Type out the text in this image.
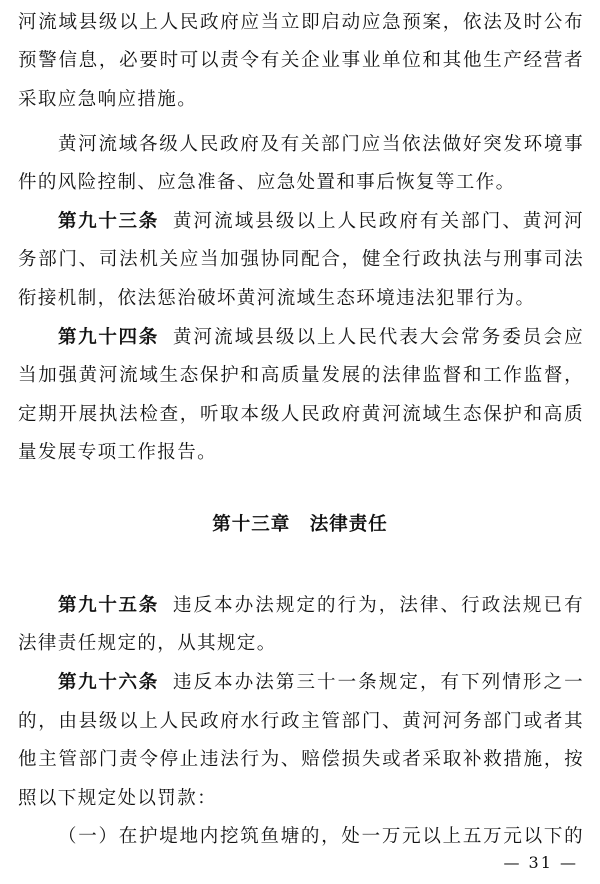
河流域县级以上人民政府应当立即启动应急预案，依法及时公布
预警信息，必要时可以责令有关企业事业单位和其他生产经营者
采取应急响应措施。
黄河流域各级人民政府及有关部门应当依法做好突发环境事
件的风险控制、应急准备、应急处置和事后恢复等工作。
第九十三条 黄河流域县级以上人民政府有关部门、黄河河
务部门、司法机关应当加强协同配合，健全行政执法与刑事司法
衔接机制，依法惩治破坏黄河流域生态环境违法犯罪行为。
第九十四条 黄河流域县级以上人民代表大会常务委员会应
当加强黄河流域生态保护和高质量发展的法律监督和工作监督，
定期开展执法检查，听取本级人民政府黄河流域生态保护和高质
量发展专项工作报告。
第十三章　法律责任
第九十五条 违反本办法规定的行为，法律、行政法规已有
法律责任规定的，从其规定。
第九十六条 违反本办法第三十一条规定，有下列情形之一
的，由县级以上人民政府水行政主管部门、黄河河务部门或者其
他主管部门责令停止违法行为、赔偿损失或者采取补救措施，按
照以下规定处以罚款：
（一）在护堤地内挖筑鱼塘的，处一万元以上五万元以下的
— 31 —
